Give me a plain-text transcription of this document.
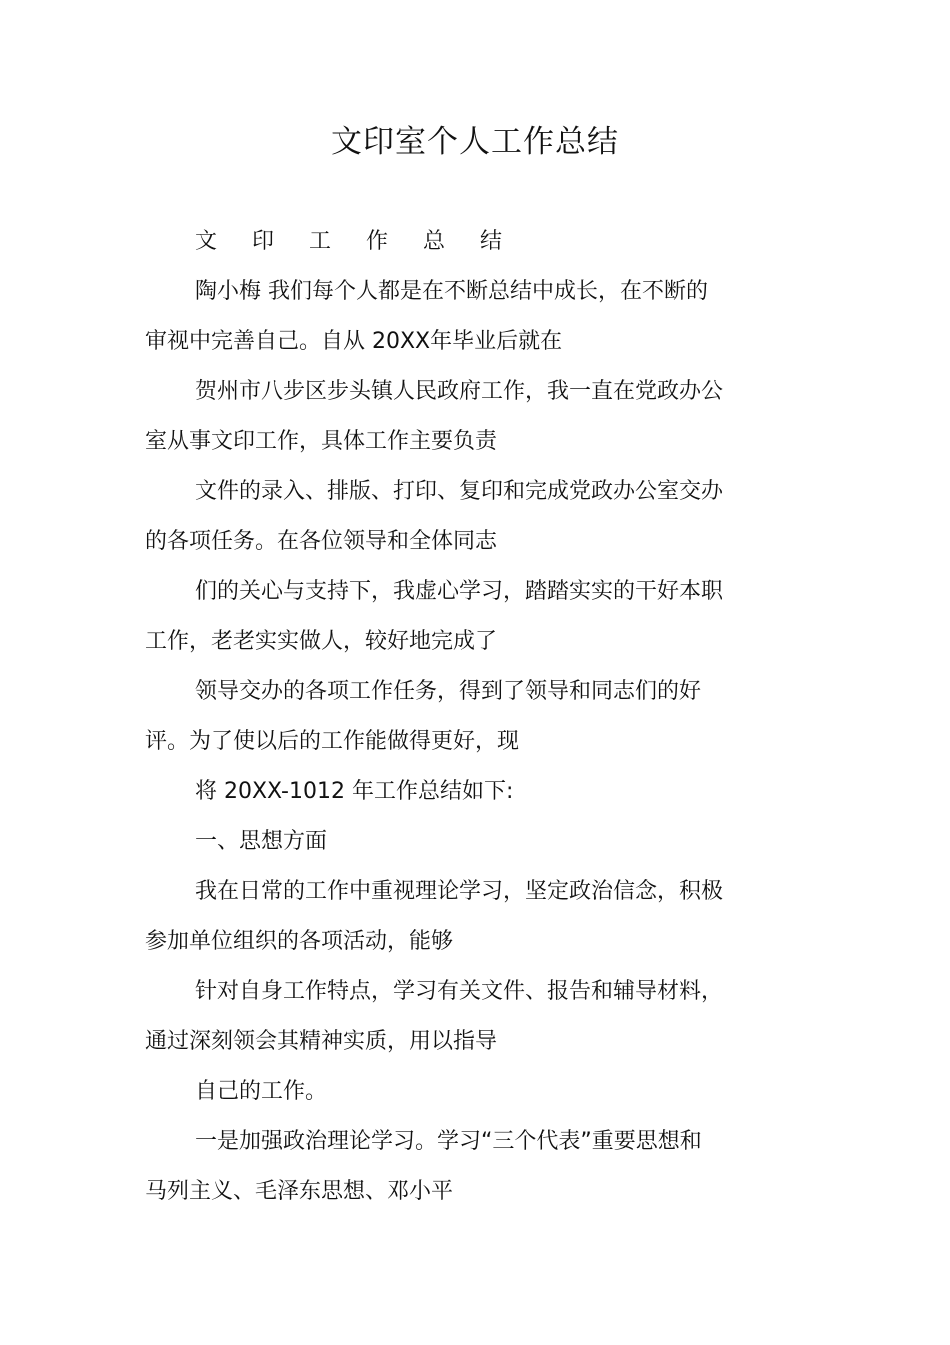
文印室个人工作总结
文 印 工 作 总 结
陶小梅 我们每个人都是在不断总结中成长，在不断的
审视中完善自己。自从 20XX年毕业后就在
贺州市八步区步头镇人民政府工作，我一直在党政办公
室从事文印工作，具体工作主要负责
文件的录入、排版、打印、复印和完成党政办公室交办
的各项任务。在各位领导和全体同志
们的关心与支持下，我虚心学习，踏踏实实的干好本职
工作，老老实实做人，较好地完成了
领导交办的各项工作任务，得到了领导和同志们的好
评。为了使以后的工作能做得更好，现
将 20XX-1012 年工作总结如下:
一、思想方面
我在日常的工作中重视理论学习，坚定政治信念，积极
参加单位组织的各项活动，能够
针对自身工作特点，学习有关文件、报告和辅导材料，
通过深刻领会其精神实质，用以指导
自己的工作。
一是加强政治理论学习。学习“三个代表”重要思想和
马列主义、毛泽东思想、邓小平
